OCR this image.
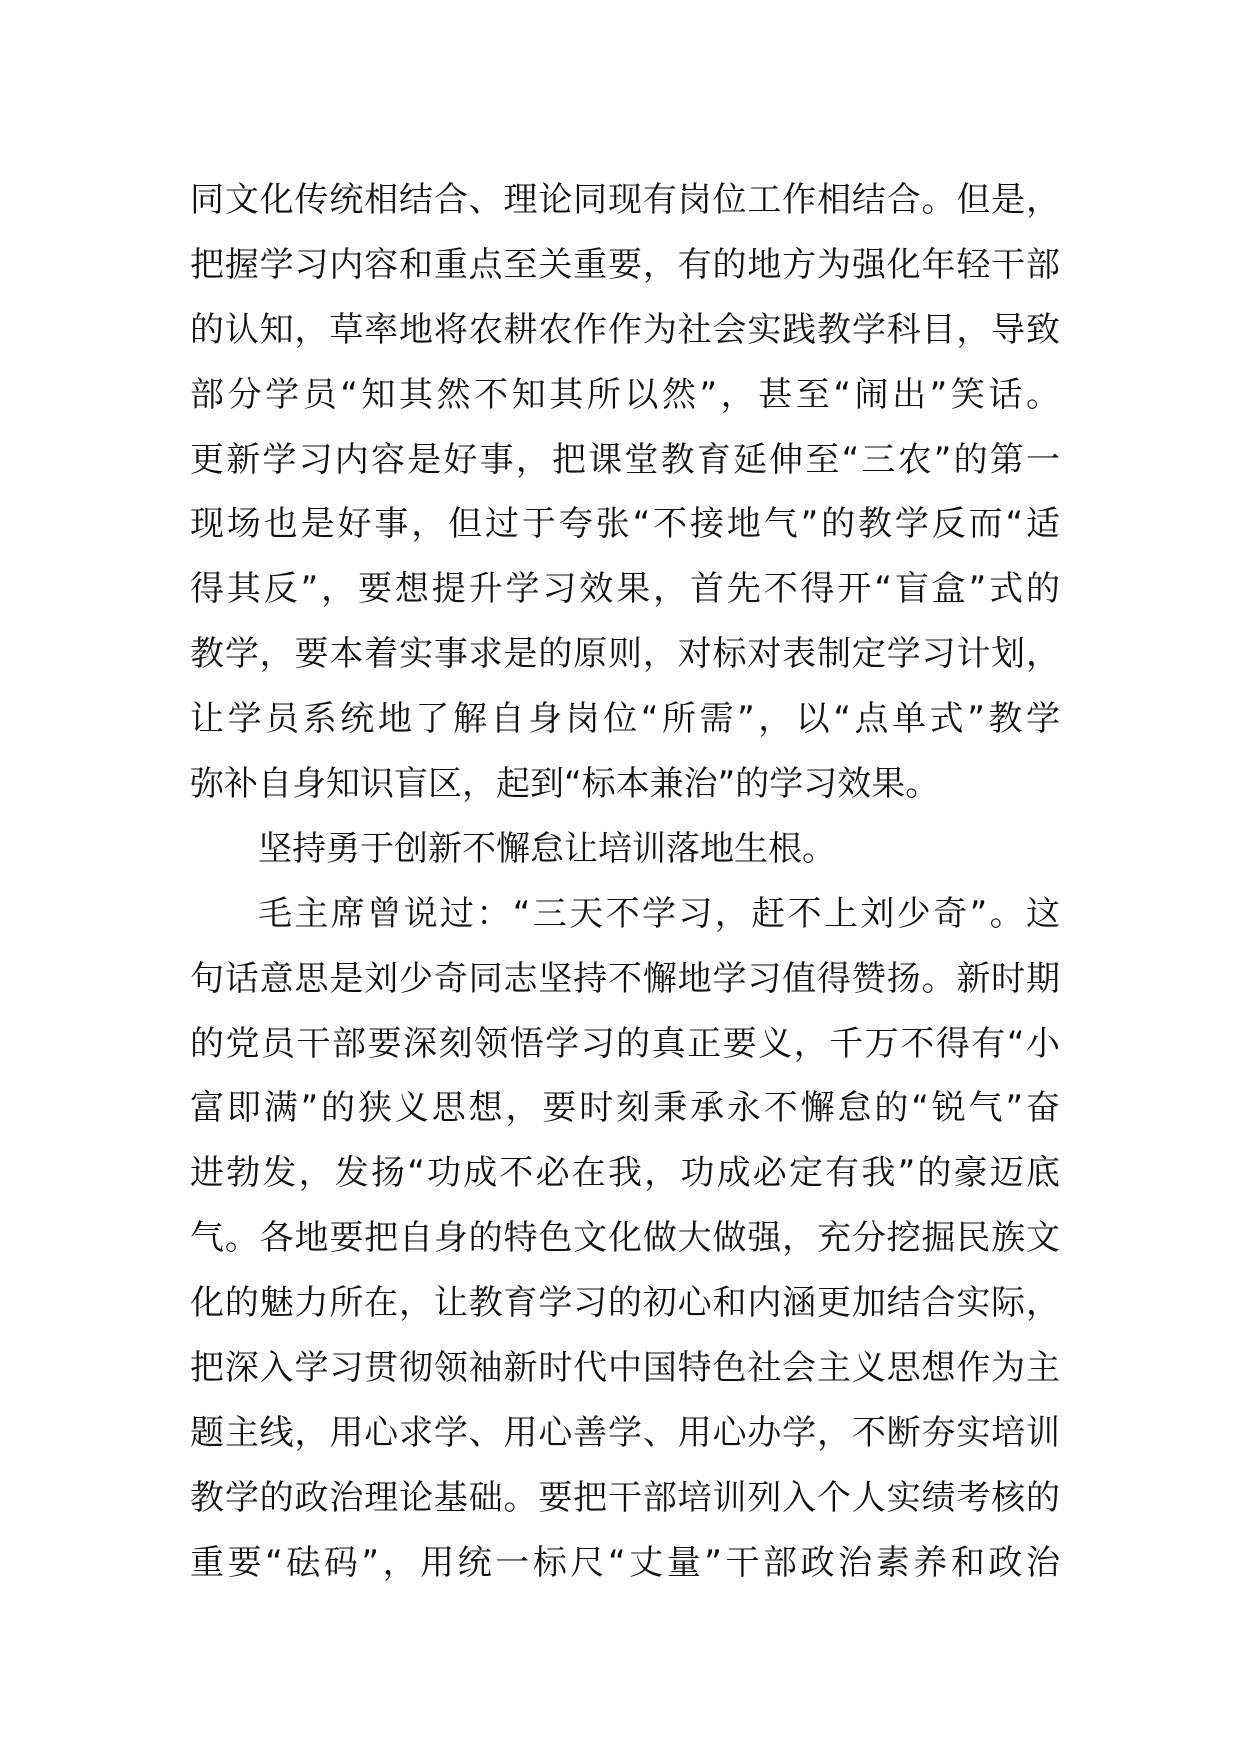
同文化传统相结合、理论同现有岗位工作相结合。但是，
把握学习内容和重点至关重要，有的地方为强化年轻干部
的认知，草率地将农耕农作作为社会实践教学科目，导致
部分学员“知其然不知其所以然”，甚至“闹出”笑话。
更新学习内容是好事，把课堂教育延伸至“三农”的第一
现场也是好事，但过于夸张“不接地气”的教学反而“适
得其反”，要想提升学习效果，首先不得开“盲盒”式的
教学，要本着实事求是的原则，对标对表制定学习计划，
让学员系统地了解自身岗位“所需”，以“点单式”教学
弥补自身知识盲区，起到“标本兼治”的学习效果。
坚持勇于创新不懈怠让培训落地生根。
毛主席曾说过：“三天不学习，赶不上刘少奇”。这
句话意思是刘少奇同志坚持不懈地学习值得赞扬。新时期
的党员干部要深刻领悟学习的真正要义，千万不得有“小
富即满”的狭义思想，要时刻秉承永不懈怠的“锐气”奋
进勃发，发扬“功成不必在我，功成必定有我”的豪迈底
气。各地要把自身的特色文化做大做强，充分挖掘民族文
化的魅力所在，让教育学习的初心和内涵更加结合实际，
把深入学习贯彻领袖新时代中国特色社会主义思想作为主
题主线，用心求学、用心善学、用心办学，不断夯实培训
教学的政治理论基础。要把干部培训列入个人实绩考核的
重要“砝码”，用统一标尺“丈量”干部政治素养和政治
